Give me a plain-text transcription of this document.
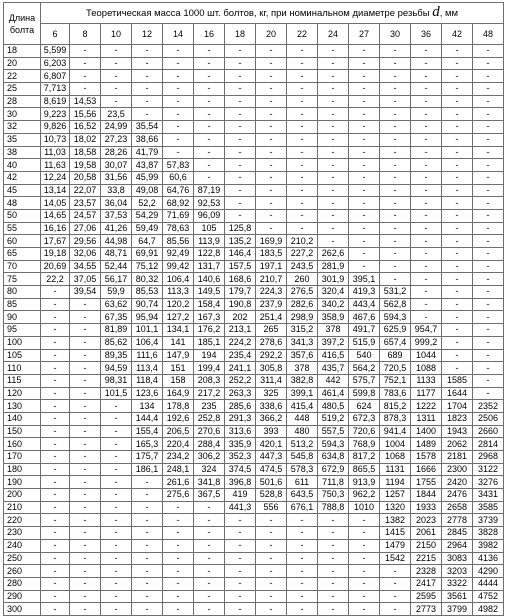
Длина
болта	Теоретическая масса 1000 шт. болтов, кг, при номинальном диаметре резьбы d, мм														
	6	8	10	12	14	16	18	20	22	24	27	30	36	42	48
18	5,599	-	-	-	-	-	-	-	-	-	-	-	-	-	-
20	6,203	-	-	-	-	-	-	-	-	-	-	-	-	-	-
22	6,807	-	-	-	-	-	-	-	-	-	-	-	-	-	-
25	7,713	-	-	-	-	-	-	-	-	-	-	-	-	-	-
28	8,619	14,53	-	-	-	-	-	-	-	-	-	-	-	-	-
30	9,223	15,56	23,5	-	-	-	-	-	-	-	-	-	-	-	-
32	9,826	16,52	24,99	35,54	-	-	-	-	-	-	-	-	-	-	-
35	10,73	18,02	27,23	38,66	-	-	-	-	-	-	-	-	-	-	-
38	11,03	18,58	28,26	41,79	-	-	-	-	-	-	-	-	-	-	-
40	11,63	19,58	30,07	43,87	57,83	-	-	-	-	-	-	-	-	-	-
42	12,24	20,58	31,56	45,99	60,6	-	-	-	-	-	-	-	-	-	-
45	13,14	22,07	33,8	49,08	64,76	87,19	-	-	-	-	-	-	-	-	-
48	14,05	23,57	36,04	52,2	68,92	92,53	-	-	-	-	-	-	-	-	-
50	14,65	24,57	37,53	54,29	71,69	96,09	-	-	-	-	-	-	-	-	-
55	16,16	27,06	41,26	59,49	78,63	105	125,8	-	-	-	-	-	-	-	-
60	17,67	29,56	44,98	64,7	85,56	113,9	135,2	169,9	210,2	-	-	-	-	-	-
65	19,18	32,06	48,71	69,91	92,49	122,8	146,4	183,5	227,2	262,6	-	-	-	-	-
70	20,69	34,55	52,44	75,12	99,42	131,7	157,5	197,1	243,5	281,9	-	-	-	-	-
75	22,2	37,05	56,17	80,32	106,4	140,6	168,6	210,7	260	301,9	395,1	-	-	-	-
80	-	39,54	59,9	85,53	113,3	149,5	179,7	224,3	276,5	320,4	419,3	531,2	-	-	-
85	-	-	63,62	90,74	120,2	158,4	190,8	237,9	282,6	340,2	443,4	562,8	-	-	-
90	-	-	67,35	95,94	127,2	167,3	202	251,4	298,9	358,9	467,6	594,3	-	-	-
95	-	-	81,89	101,1	134,1	176,2	213,1	265	315,2	378	491,7	625,9	954,7	-	-
100	-	-	85,62	106,4	141	185,1	224,2	278,6	341,3	397,2	515,9	657,4	999,2	-	-
105	-	-	89,35	111,6	147,9	194	235,4	292,2	357,6	416,5	540	689	1044	-	-
110	-	-	94,59	113,4	151	199,4	241,1	305,8	378	435,7	564,2	720,5	1088	-	-
115	-	-	98,31	118,4	158	208,3	252,2	311,4	382,8	442	575,7	752,1	1133	1585	-
120	-	-	101,5	123,6	164,9	217,2	263,3	325	399,1	461,4	599,8	783,6	1177	1644	-
130	-	-	-	134	178,8	235	285,6	338,6	415,4	480,5	624	815,2	1222	1704	2352
140	-	-	-	144,4	192,6	252,8	291,3	366,2	448	519,2	672,3	878,3	1311	1823	2506
150	-	-	-	155,4	206,5	270,6	313,6	393	480	557,5	720,6	941,4	1400	1943	2660
160	-	-	-	165,3	220,4	288,4	335,9	420,1	513,2	594,3	768,9	1004	1489	2062	2814
170	-	-	-	175,7	234,2	306,2	352,3	447,3	545,8	634,8	817,2	1068	1578	2181	2968
180	-	-	-	186,1	248,1	324	374,5	474,5	578,3	672,9	865,5	1131	1666	2300	3122
190	-	-	-	-	261,6	341,8	396,8	501,6	611	711,8	913,9	1194	1755	2420	3276
200	-	-	-	-	275,6	367,5	419	528,8	643,5	750,3	962,2	1257	1844	2476	3431
210	-	-	-	-	-	-	441,3	556	676,1	788,8	1010	1320	1933	2658	3585
220	-	-	-	-	-	-	-	-	-	-	-	1382	2023	2778	3739
230	-	-	-	-	-	-	-	-	-	-	-	1415	2061	2845	3828
240	-	-	-	-	-	-	-	-	-	-	-	1479	2150	2964	3982
250	-	-	-	-	-	-	-	-	-	-	-	1542	2215	3083	4136
260	-	-	-	-	-	-	-	-	-	-	-	-	2328	3203	4290
280	-	-	-	-	-	-	-	-	-	-	-	-	2417	3322	4444
290	-	-	-	-	-	-	-	-	-	-	-	-	2595	3561	4752
300	-	-	-	-	-	-	-	-	-	-	-	-	2773	3799	4982
